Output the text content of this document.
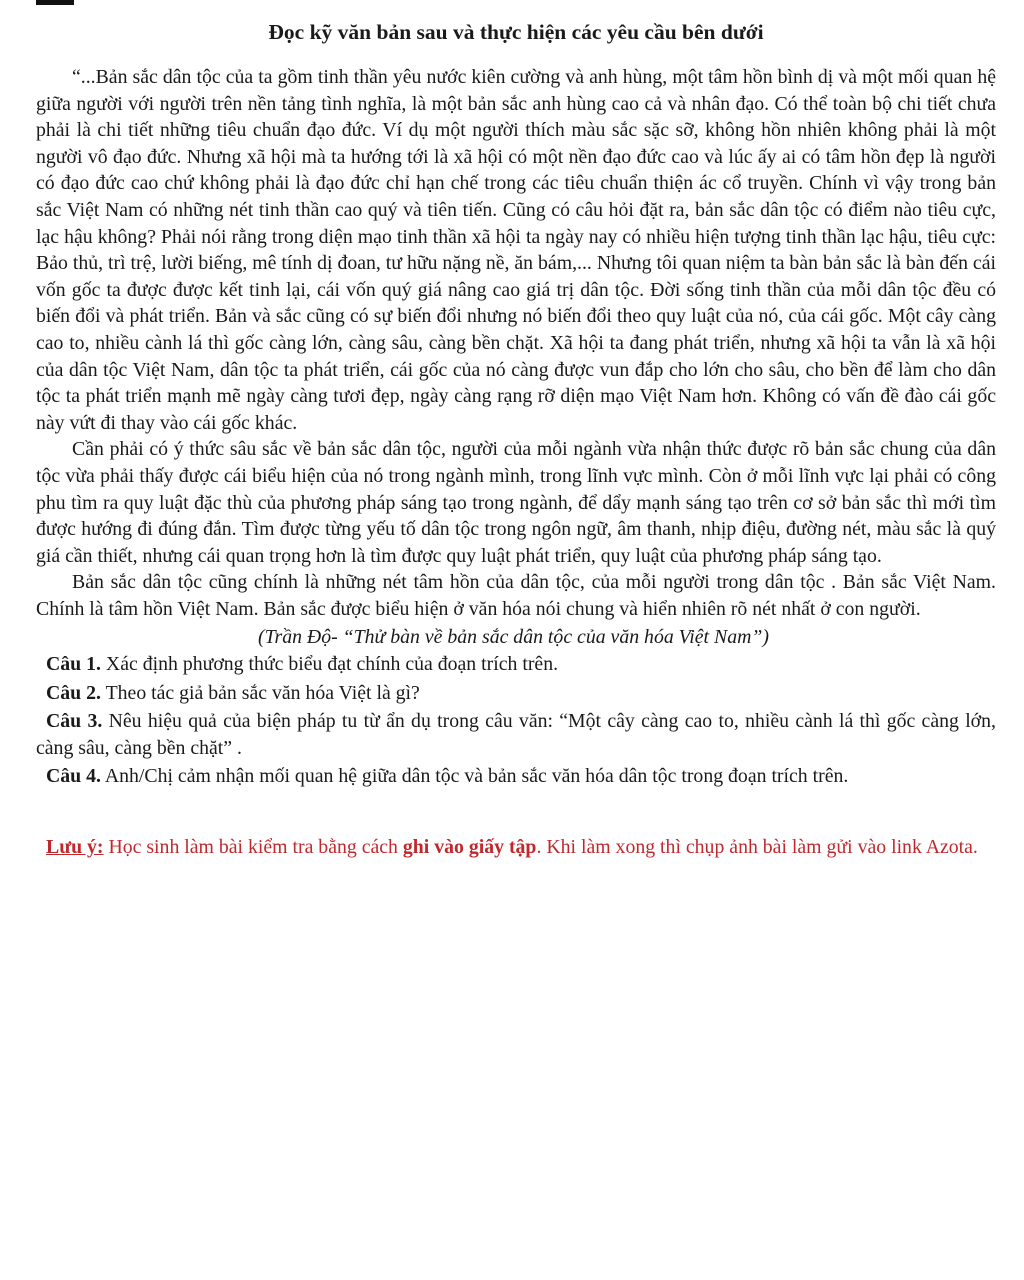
Đọc kỹ văn bản sau và thực hiện các yêu cầu bên dưới

“...Bản sắc dân tộc của ta gồm tinh thần yêu nước kiên cường và anh hùng, một tâm hồn bình dị và một mối quan hệ giữa người với người trên nền tảng tình nghĩa, là một bản sắc anh hùng cao cả và nhân đạo. Có thể toàn bộ chi tiết chưa phải là chi tiết những tiêu chuẩn đạo đức. Ví dụ một người thích màu sắc sặc sỡ, không hồn nhiên không phải là một người vô đạo đức. Nhưng xã hội mà ta hướng tới là xã hội có một nền đạo đức cao và lúc ấy ai có tâm hồn đẹp là người có đạo đức cao chứ không phải là đạo đức chỉ hạn chế trong các tiêu chuẩn thiện ác cổ truyền. Chính vì vậy trong bản sắc Việt Nam có những nét tinh thần cao quý và tiên tiến. Cũng có câu hỏi đặt ra, bản sắc dân tộc có điểm nào tiêu cực, lạc hậu không? Phải nói rằng trong diện mạo tinh thần xã hội ta ngày nay có nhiều hiện tượng tinh thần lạc hậu, tiêu cực: Bảo thủ, trì trệ, lười biếng, mê tính dị đoan, tư hữu nặng nề, ăn bám,... Nhưng tôi quan niệm ta bàn bản sắc là bàn đến cái vốn gốc ta được được kết tinh lại, cái vốn quý giá nâng cao giá trị dân tộc. Đời sống tinh thần của mỗi dân tộc đều có biến đổi và phát triển. Bản và sắc cũng có sự biến đổi nhưng nó biến đổi theo quy luật của nó, của cái gốc. Một cây càng cao to, nhiều cành lá thì gốc càng lớn, càng sâu, càng bền chặt. Xã hội ta đang phát triển, nhưng xã hội ta vẫn là xã hội của dân tộc Việt Nam, dân tộc ta phát triển, cái gốc của nó càng được vun đắp cho lớn cho sâu, cho bền để làm cho dân tộc ta phát triển mạnh mẽ ngày càng tươi đẹp, ngày càng rạng rỡ diện mạo Việt Nam hơn. Không có vấn đề đào cái gốc này vứt đi thay vào cái gốc khác.

Cần phải có ý thức sâu sắc về bản sắc dân tộc, người của mỗi ngành vừa nhận thức được rõ bản sắc chung của dân tộc vừa phải thấy được cái biểu hiện của nó trong ngành mình, trong lĩnh vực mình. Còn ở mỗi lĩnh vực lại phải có công phu tìm ra quy luật đặc thù của phương pháp sáng tạo trong ngành, để dẩy mạnh sáng tạo trên cơ sở bản sắc thì mới tìm được hướng đi đúng đắn. Tìm được từng yếu tố dân tộc trong ngôn ngữ, âm thanh, nhịp điệu, đường nét, màu sắc là quý giá cần thiết, nhưng cái quan trọng hơn là tìm được quy luật phát triển, quy luật của phương pháp sáng tạo.

Bản sắc dân tộc cũng chính là những nét tâm hồn của dân tộc, của mỗi người trong dân tộc . Bản sắc Việt Nam. Chính là tâm hồn Việt Nam. Bản sắc được biểu hiện ở văn hóa nói chung và hiển nhiên rõ nét nhất ở con người.

(Trần Độ- “Thử bàn về bản sắc dân tộc của văn hóa Việt Nam”)

Câu 1. Xác định phương thức biểu đạt chính của đoạn trích trên.

Câu 2. Theo tác giả bản sắc văn hóa Việt là gì?

Câu 3. Nêu hiệu quả của biện pháp tu từ ẩn dụ trong câu văn: “Một cây càng cao to, nhiều cành lá thì gốc càng lớn, càng sâu, càng bền chặt” .

Câu 4. Anh/Chị cảm nhận mối quan hệ giữa dân tộc và bản sắc văn hóa dân tộc trong đoạn trích trên.

Lưu ý: Học sinh làm bài kiểm tra bằng cách ghi vào giấy tập. Khi làm xong thì chụp ảnh bài làm gửi vào link Azota.
